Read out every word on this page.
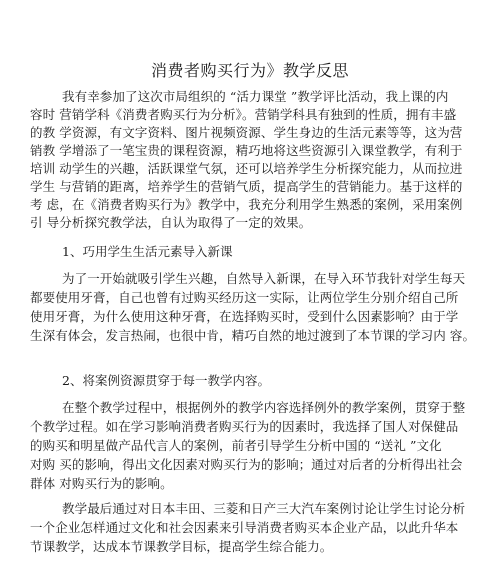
消费者购买行为》教学反思
我有幸参加了这次市局组织的 “活力课堂 ”教学评比活动，我上课的内
容时 营销学科《消费者购买行为分析》。营销学科具有独到的性质，拥有丰盛
的教 学资源，有文字资料、图片视频资源、学生身边的生活元素等等，这为营
销教 学增添了一笔宝贵的课程资源，精巧地将这些资源引入课堂教学，有利于
培训 动学生的兴趣，活跃课堂气氛，还可以培养学生分析探究能力，从而拉进
学生 与营销的距离，培养学生的营销气质，提高学生的营销能力。基于这样的
考 虑，在《消费者购买行为》教学中，我充分利用学生熟悉的案例，采用案例
引 导分析探究教学法，自认为取得了一定的效果。
1、巧用学生生活元素导入新课
为了一开始就吸引学生兴趣，自然导入新课，在导入环节我针对学生每天
都要使用牙膏，自己也曾有过购买经历这一实际，让两位学生分别介绍自己所
使用牙膏，为什么使用这种牙膏，在选择购买时，受到什么因素影响？由于学
生深有体会，发言热闹，也很中肯，精巧自然的地过渡到了本节课的学习内 容。
2、将案例资源贯穿于每一教学内容。
在整个教学过程中，根据例外的教学内容选择例外的教学案例，贯穿于整
个教学过程。如在学习影响消费者购买行为的因素时，我选择了国人对保健品
的购买和明星做产品代言人的案例，前者引导学生分析中国的 “送礼 ”文化
对购 买的影响，得出文化因素对购买行为的影响；通过对后者的分析得出社会
群体 对购买行为的影响。
教学最后通过对日本丰田、三菱和日产三大汽车案例讨论让学生讨论分析
一个企业怎样通过文化和社会因素来引导消费者购买本企业产品，以此升华本
节课教学，达成本节课教学目标，提高学生综合能力。
